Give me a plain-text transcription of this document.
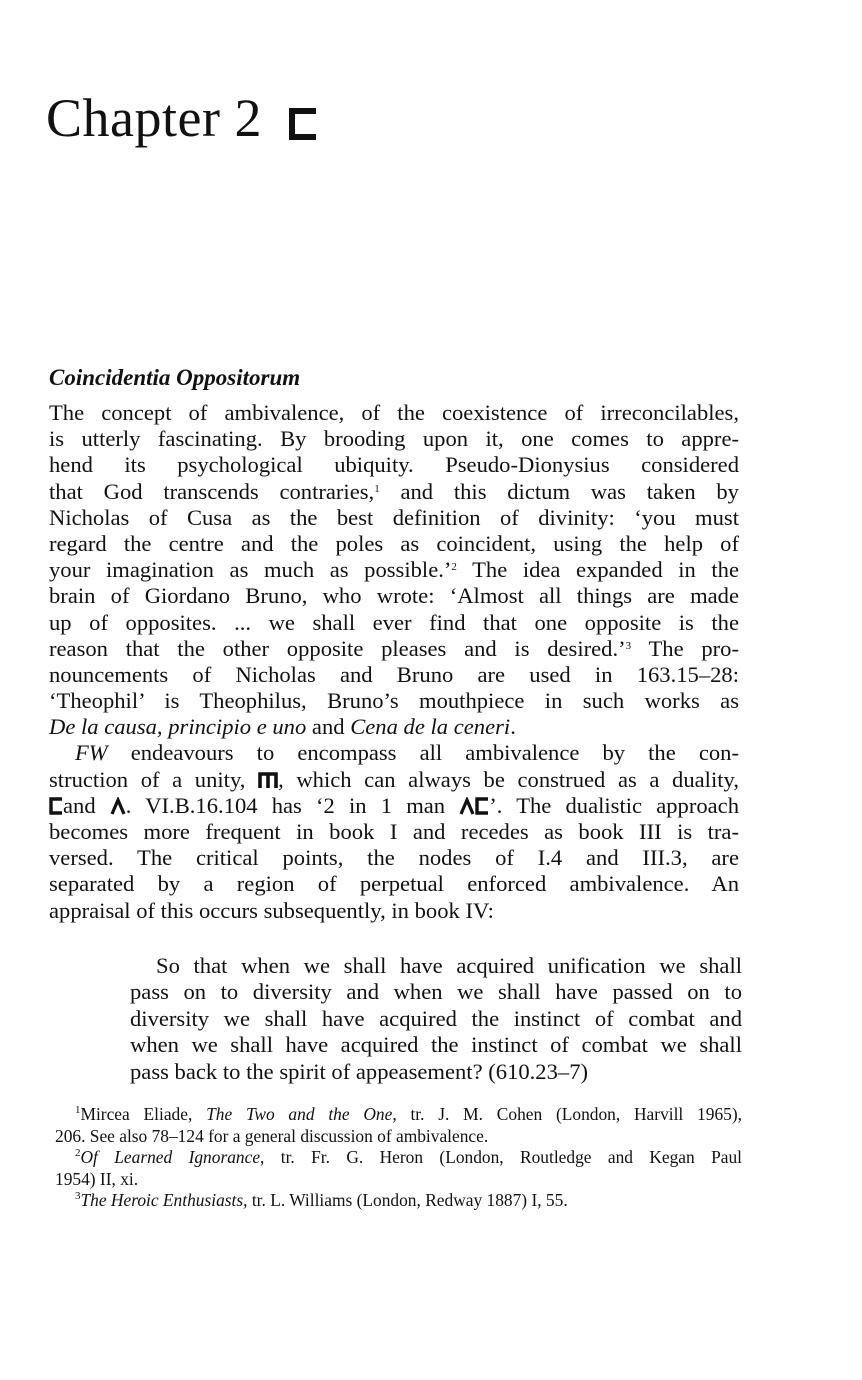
Chapter 2
Coincidentia Oppositorum
The concept of ambivalence, of the coexistence of irreconcilables,
is utterly fascinating. By brooding upon it, one comes to appre-
hend its psychological ubiquity. Pseudo-Dionysius considered
that God transcends contraries,$^1$ and this dictum was taken by
Nicholas of Cusa as the best definition of divinity: ‘you must
regard the centre and the poles as coincident, using the help of
your imagination as much as possible.’$^2$ The idea expanded in the
brain of Giordano Bruno, who wrote: ‘Almost all things are made
up of opposites. ... we shall ever find that one opposite is the
reason that the other opposite pleases and is desired.’$^3$ The pro-
nouncements of Nicholas and Bruno are used in 163.15–28:
‘Theophil’ is Theophilus, Bruno’s mouthpiece in such works as
De la causa, principio e uno and Cena de la ceneri.
FW endeavours to encompass all ambivalence by the con-
struction of a unity, , which can always be construed as a duality,
and . VI.B.16.104 has ‘2 in 1 man ’. The dualistic approach
becomes more frequent in book I and recedes as book III is tra-
versed. The critical points, the nodes of I.4 and III.3, are
separated by a region of perpetual enforced ambivalence. An
appraisal of this occurs subsequently, in book IV:
So that when we shall have acquired unification we shall
pass on to diversity and when we shall have passed on to
diversity we shall have acquired the instinct of combat and
when we shall have acquired the instinct of combat we shall
pass back to the spirit of appeasement? (610.23–7)
$^1$Mircea Eliade, The Two and the One, tr. J. M. Cohen (London, Harvill 1965),
206. See also 78–124 for a general discussion of ambivalence.
$^2$Of Learned Ignorance, tr. Fr. G. Heron (London, Routledge and Kegan Paul
1954) II, xi.
$^3$The Heroic Enthusiasts, tr. L. Williams (London, Redway 1887) I, 55.
